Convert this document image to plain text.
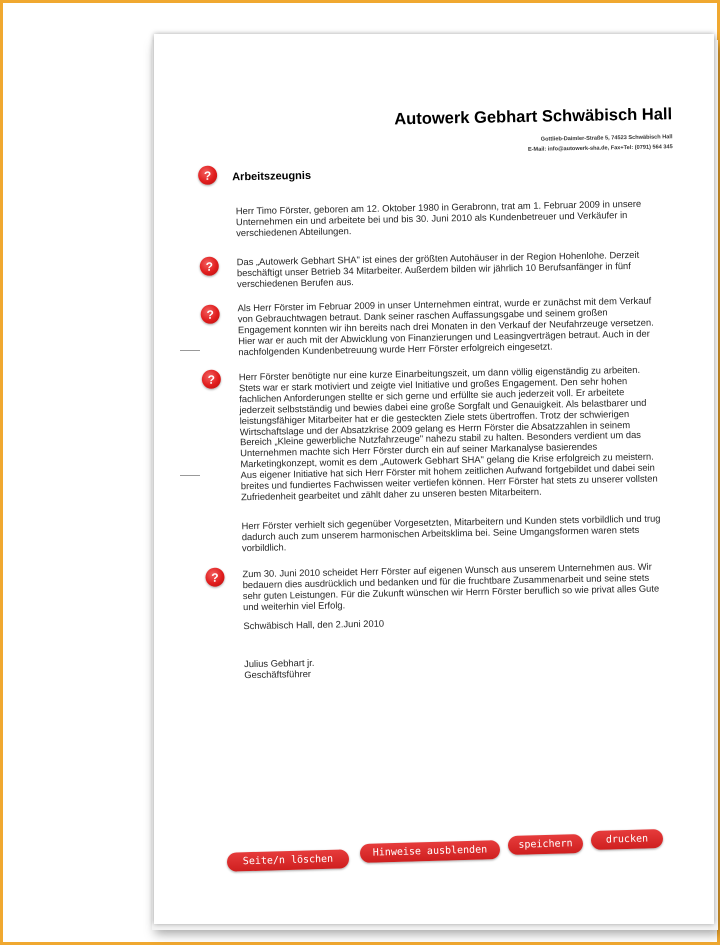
Autowerk Gebhart Schwäbisch Hall
Gottlieb-Daimler-Straße 5, 74523 Schwäbisch Hall
E-Mail: info@autowerk-sha.de, Fax+Tel: (0791) 564 345
?	Arbeitszeugnis

Herr Timo Förster, geboren am 12. Oktober 1980 in Gerabronn, trat am 1. Februar 2009 in unsere Unternehmen ein und arbeitete bei und bis 30. Juni 2010 als Kundenbetreuer und Verkäufer in verschiedenen Abteilungen.

?	Das „Autowerk Gebhart SHA" ist eines der größten Autohäuser in der Region Hohenlohe. Derzeit beschäftigt unser Betrieb 34 Mitarbeiter. Außerdem bilden wir jährlich 10 Berufsanfänger in fünf verschiedenen Berufen aus.

?

Als Herr Förster im Februar 2009 in unser Unternehmen eintrat, wurde er zunächst mit dem Verkauf von Gebrauchtwagen betraut. Dank seiner raschen Auffassungsgabe und seinem großen Engagement konnten wir ihn bereits nach drei Monaten in den Verkauf der Neufahrzeuge versetzen. Hier war er auch mit der Abwicklung von Finanzierungen und Leasingverträgen betraut. Auch in der nachfolgenden Kundenbetreuung wurde Herr Förster erfolgreich eingesetzt.

?	Herr Förster benötigte nur eine kurze Einarbeitungszeit, um dann völlig eigenständig zu arbeiten. Stets war er stark motiviert und zeigte viel Initiative und großes Engagement. Den sehr hohen fachlichen Anforderungen stellte er sich gerne und erfüllte sie auch jederzeit voll. Er arbeitete jederzeit selbstständig und bewies dabei eine große Sorgfalt und Genauigkeit. Als belastbarer und leistungsfähiger Mitarbeiter hat er die gesteckten Ziele stets übertroffen. Trotz der schwierigen Wirtschaftslage und der Absatzkrise 2009 gelang es Herrn Förster die Absatzzahlen in seinem Bereich „Kleine gewerbliche Nutzfahrzeuge" nahezu stabil zu halten. Besonders verdient um das Unternehmen machte sich Herr Förster durch ein auf seiner Markanalyse basierendes Marketingkonzept, womit es dem „Autowerk Gebhart SHA" gelang die Krise erfolgreich zu meistern. Aus eigener Initiative hat sich Herr Förster mit hohem zeitlichen Aufwand fortgebildet und dabei sein breites und fundiertes Fachwissen weiter vertiefen können. Herr Förster hat stets zu unserer vollsten Zufriedenheit gearbeitet und zählt daher zu unseren besten Mitarbeitern.

Herr Förster verhielt sich gegenüber Vorgesetzten, Mitarbeitern und Kunden stets vorbildlich und trug dadurch auch zum unserem harmonischen Arbeitsklima bei. Seine Umgangsformen waren stets vorbildlich.

?	Zum 30. Juni 2010 scheidet Herr Förster auf eigenen Wunsch aus unserem Unternehmen aus. Wir bedauern dies ausdrücklich und bedanken und für die fruchtbare Zusammenarbeit und seine stets sehr guten Leistungen. Für die Zukunft wünschen wir Herrn Förster beruflich so wie privat alles Gute und weiterhin viel Erfolg.

Schwäbisch Hall, den 2.Juni 2010

Julius Gebhart jr.

Geschäftsführer

Seite/n löschen
Hinweise ausblenden	speichern	drucken
